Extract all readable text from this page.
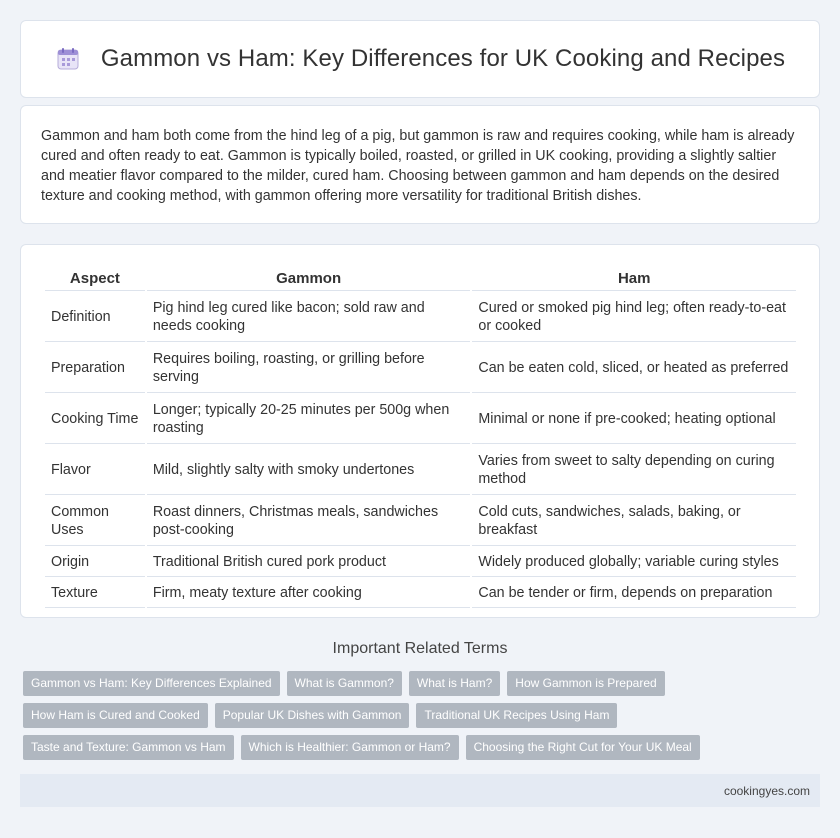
Gammon vs Ham: Key Differences for UK Cooking and Recipes

Gammon and ham both come from the hind leg of a pig, but gammon is raw and requires cooking, while ham is already cured and often ready to eat. Gammon is typically boiled, roasted, or grilled in UK cooking, providing a slightly saltier and meatier flavor compared to the milder, cured ham. Choosing between gammon and ham depends on the desired texture and cooking method, with gammon offering more versatility for traditional British dishes.

Aspect	Gammon	Ham
Definition	Pig hind leg cured like bacon; sold raw and needs cooking	Cured or smoked pig hind leg; often ready-to-eat or cooked
Preparation	Requires boiling, roasting, or grilling before serving	Can be eaten cold, sliced, or heated as preferred
Cooking Time	Longer; typically 20-25 minutes per 500g when roasting	Minimal or none if pre-cooked; heating optional
Flavor	Mild, slightly salty with smoky undertones	Varies from sweet to salty depending on curing method
Common Uses	Roast dinners, Christmas meals, sandwiches post-cooking	Cold cuts, sandwiches, salads, baking, or breakfast
Origin	Traditional British cured pork product	Widely produced globally; variable curing styles
Texture	Firm, meaty texture after cooking	Can be tender or firm, depends on preparation
Important Related Terms
Gammon vs Ham: Key Differences Explained	What is Gammon?	What is Ham?	How Gammon is Prepared
How Ham is Cured and Cooked	Popular UK Dishes with Gammon	Traditional UK Recipes Using Ham
Taste and Texture: Gammon vs Ham	Which is Healthier: Gammon or Ham?	Choosing the Right Cut for Your UK Meal
cookingyes.com
